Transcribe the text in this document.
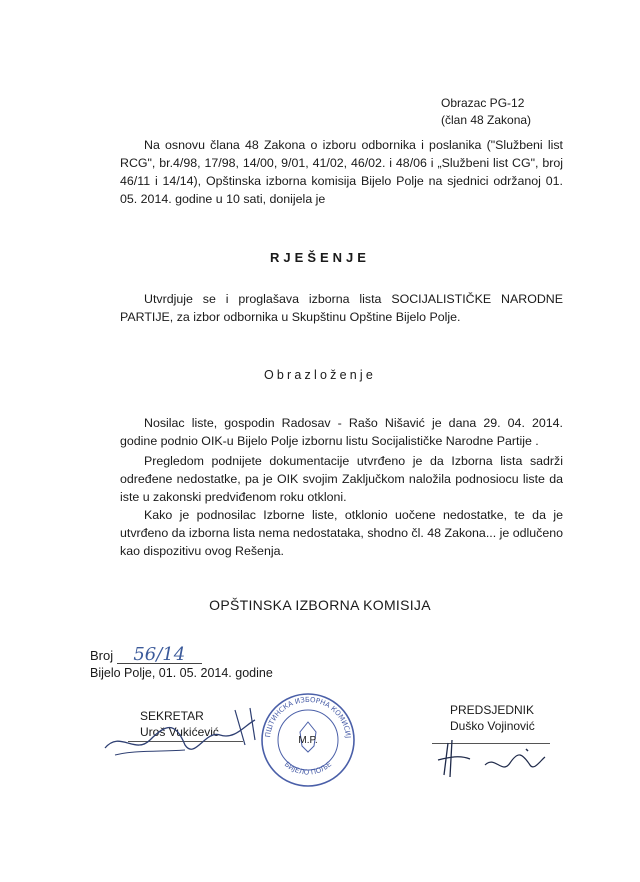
Obrazac PG-12
(član 48 Zakona)
Na osnovu člana 48 Zakona o izboru odbornika i poslanika ("Službeni list RCG", br.4/98, 17/98, 14/00, 9/01, 41/02, 46/02. i 48/06 i „Službeni list CG", broj 46/11 i 14/14), Opštinska izborna komisija Bijelo Polje na sjednici održanoj 01. 05. 2014. godine u 10 sati, donijela je
RJEŠENJE
Utvrdjuje se i proglašava izborna lista SOCIJALISTIČKE NARODNE PARTIJE, za izbor odbornika u Skupštinu Opštine Bijelo Polje.
Obrazloženje
Nosilac liste, gospodin Radosav - Rašo Nišavić je dana 29. 04. 2014. godine podnio OIK-u Bijelo Polje izbornu listu Socijalističke Narodne Partije .
Pregledom podnijete dokumentacije utvrđeno je da Izborna lista sadrži određene nedostatke, pa je OIK svojim Zaključkom naložila podnosiocu liste da iste u zakonski predviđenom roku otkloni.
Kako je podnosilac Izborne liste, otklonio uočene nedostatke, te da je utvrđeno da izborna lista nema nedostataka, shodno čl. 48 Zakona... je odlučeno kao dispozitivu ovog Rešenja.
OPŠTINSKA IZBORNA KOMISIJA
Broj 56/14
Bijelo Polje, 01. 05. 2014. godine
SEKRETAR
Uroš Vukićević
ОПШТИНСКА ИЗБОРНА КОМИСИЈА
БИЈЕЛО ПОЉЕ
M.P.
PREDSJEDNIK
Duško Vojinović
